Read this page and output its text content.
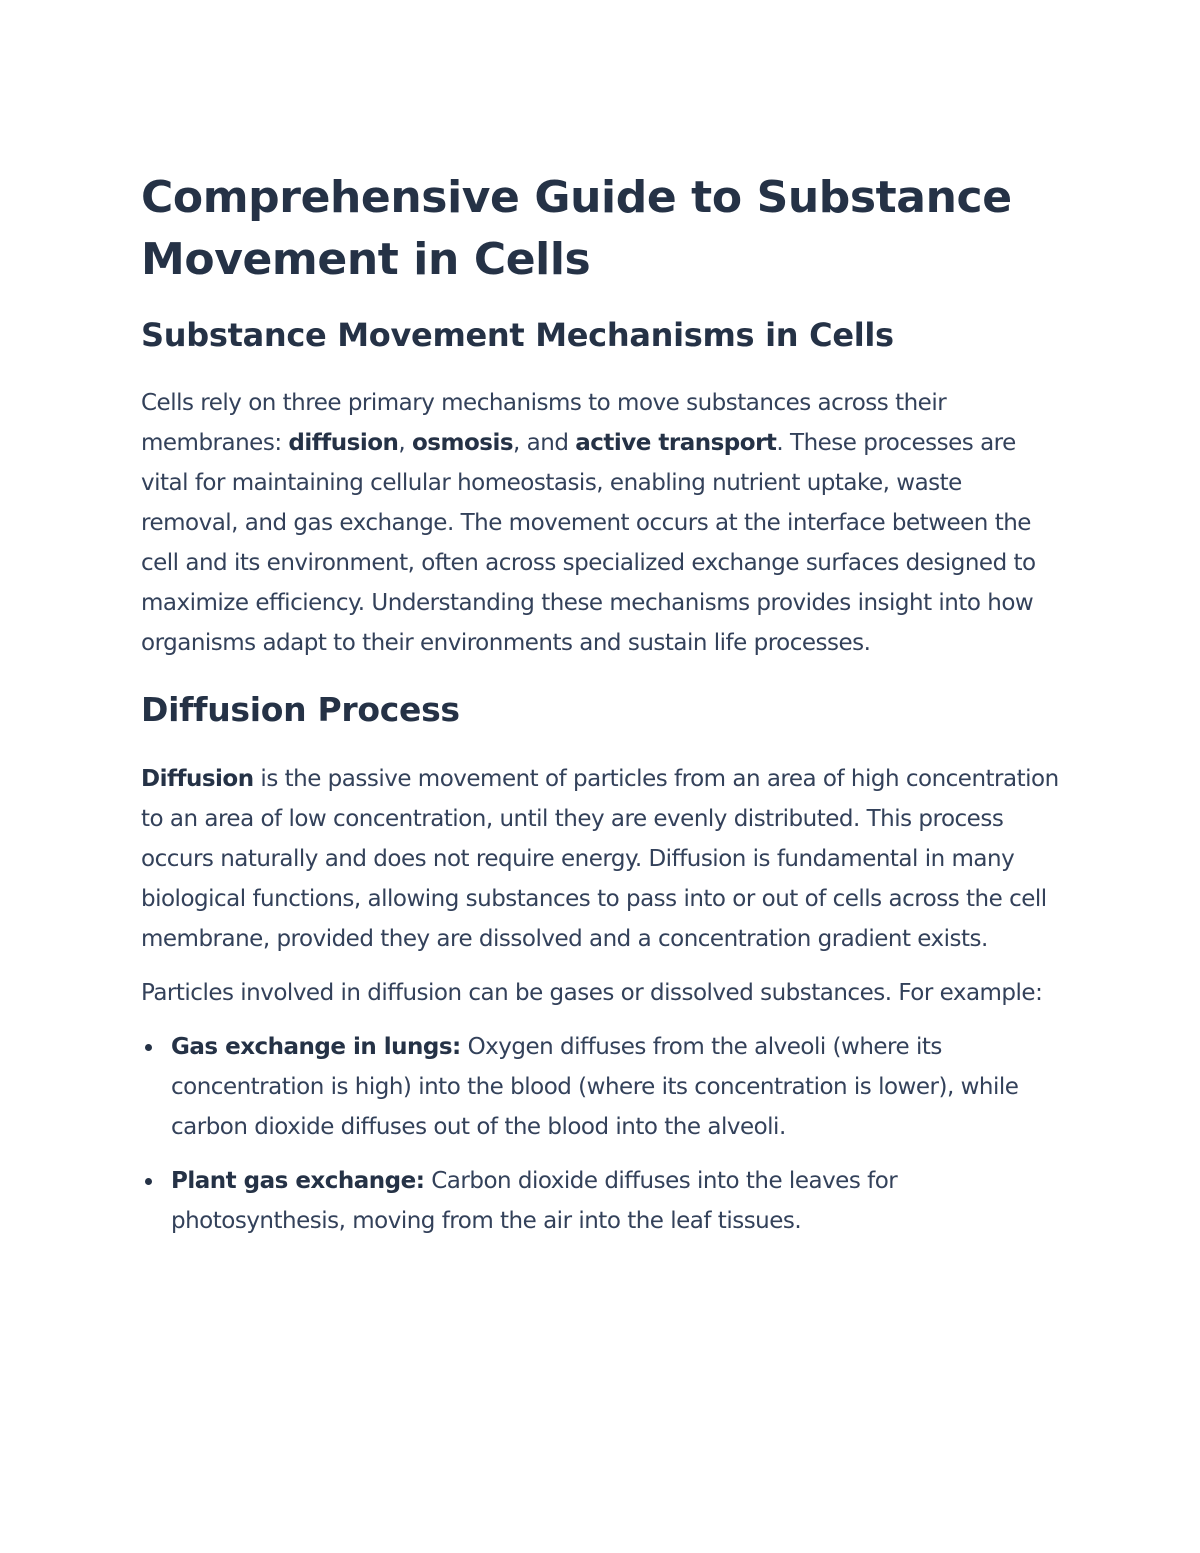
Comprehensive Guide to Substance Movement in Cells
Substance Movement Mechanisms in Cells

Cells rely on three primary mechanisms to move substances across their membranes: diffusion, osmosis, and active transport. These processes are vital for maintaining cellular homeostasis, enabling nutrient uptake, waste removal, and gas exchange. The movement occurs at the interface between the cell and its environment, often across specialized exchange surfaces designed to maximize efficiency. Understanding these mechanisms provides insight into how organisms adapt to their environments and sustain life processes.

Diffusion Process

Diffusion is the passive movement of particles from an area of high concentration to an area of low concentration, until they are evenly distributed. This process occurs naturally and does not require energy. Diffusion is fundamental in many biological functions, allowing substances to pass into or out of cells across the cell membrane, provided they are dissolved and a concentration gradient exists.

Particles involved in diffusion can be gases or dissolved substances. For example:

Gas exchange in lungs: Oxygen diffuses from the alveoli (where its concentration is high) into the blood (where its concentration is lower), while carbon dioxide diffuses out of the blood into the alveoli.
Plant gas exchange: Carbon dioxide diffuses into the leaves for photosynthesis, moving from the air into the leaf tissues.
